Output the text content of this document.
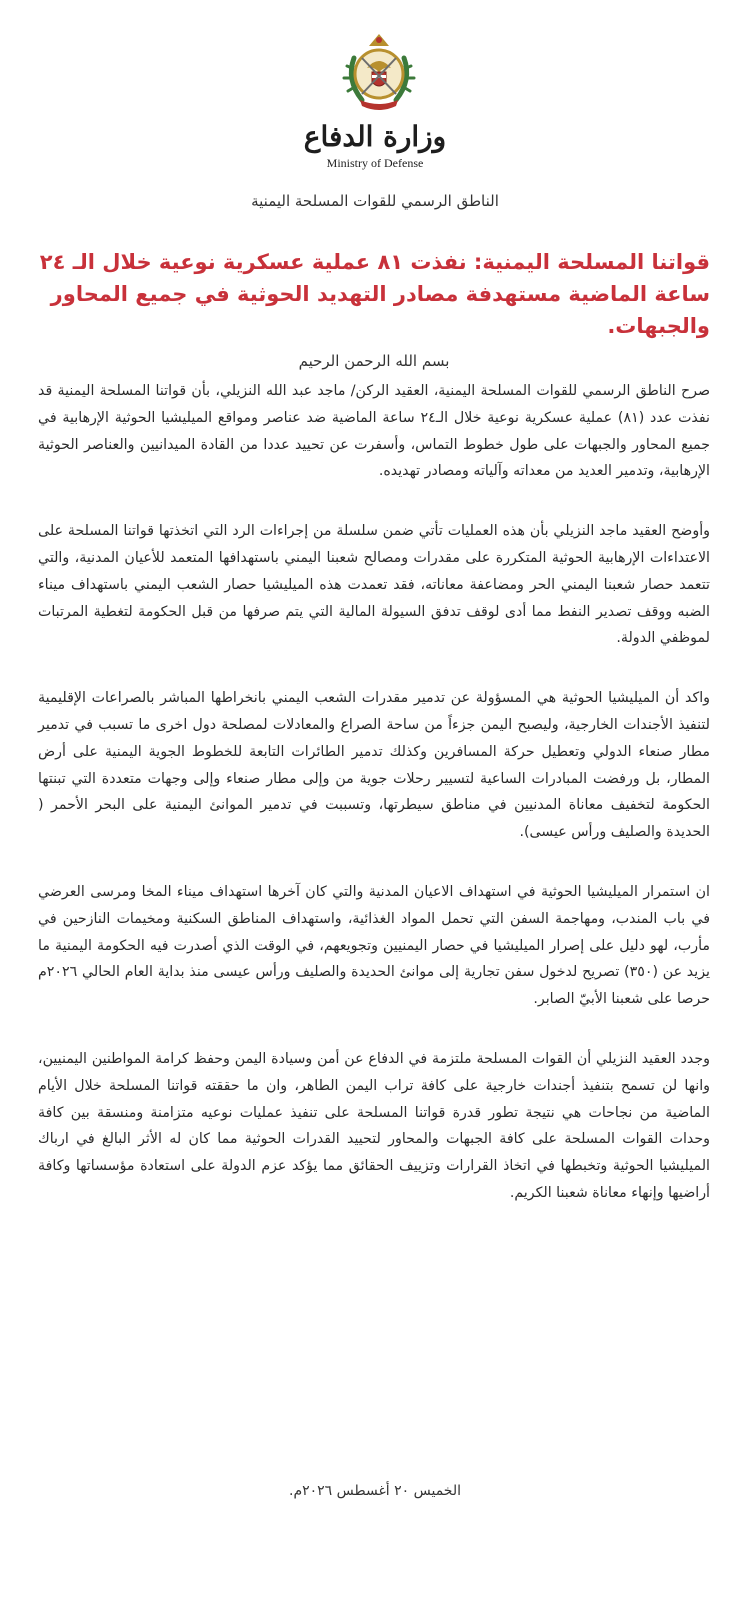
وزارة الدفاع
Ministry of Defense
الناطق الرسمي للقوات المسلحة اليمنية
قواتنا المسلحة اليمنية: نفذت ٨١ عملية عسكرية نوعية خلال الـ ٢٤ ساعة الماضية مستهدفة مصادر التهديد الحوثية في جميع المحاور والجبهات.
بسم الله الرحمن الرحيم

صرح الناطق الرسمي للقوات المسلحة اليمنية، العقيد الركن/ ماجد عبد الله النزيلي، بأن قواتنا المسلحة اليمنية قد نفذت عدد (٨١) عملية عسكرية نوعية خلال الـ٢٤ ساعة الماضية ضد عناصر ومواقع الميليشيا الحوثية الإرهابية في جميع المحاور والجبهات على طول خطوط التماس، وأسفرت عن تحييد عددا من القادة الميدانيين والعناصر الحوثية الإرهابية، وتدمير العديد من معداته وآلياته ومصادر تهديده.

وأوضح العقيد ماجد النزيلي بأن هذه العمليات تأتي ضمن سلسلة من إجراءات الرد التي اتخذتها قواتنا المسلحة على الاعتداءات الإرهابية الحوثية المتكررة على مقدرات ومصالح شعبنا اليمني باستهدافها المتعمد للأعيان المدنية، والتي تتعمد حصار شعبنا اليمني الحر ومضاعفة معاناته، فقد تعمدت هذه الميليشيا حصار الشعب اليمني باستهداف ميناء الضبه ووقف تصدير النفط مما أدى لوقف تدفق السيولة المالية التي يتم صرفها من قبل الحكومة لتغطية المرتبات لموظفي الدولة.

واكد أن الميليشيا الحوثية هي المسؤولة عن تدمير مقدرات الشعب اليمني بانخراطها المباشر بالصراعات الإقليمية لتنفيذ الأجندات الخارجية، وليصبح اليمن جزءاً من ساحة الصراع والمعادلات لمصلحة دول اخرى ما تسبب في تدمير مطار صنعاء الدولي وتعطيل حركة المسافرين وكذلك تدمير الطائرات التابعة للخطوط الجوية اليمنية على أرض المطار، بل ورفضت المبادرات الساعية لتسيير رحلات جوية من وإلى مطار صنعاء وإلى وجهات متعددة التي تبنتها الحكومة لتخفيف معاناة المدنيين في مناطق سيطرتها، وتسببت في تدمير الموانئ اليمنية على البحر الأحمر ( الحديدة والصليف ورأس عيسى).

ان استمرار الميليشيا الحوثية في استهداف الاعيان المدنية والتي كان آخرها استهداف ميناء المخا ومرسى العرضي في باب المندب، ومهاجمة السفن التي تحمل المواد الغذائية، واستهداف المناطق السكنية ومخيمات النازحين في مأرب، لهو دليل على إصرار الميليشيا في حصار اليمنيين وتجويعهم، في الوقت الذي أصدرت فيه الحكومة اليمنية ما يزيد عن (٣٥٠) تصريح لدخول سفن تجارية إلى موانئ الحديدة والصليف ورأس عيسى منذ بداية العام الحالي ٢٠٢٦م حرصا على شعبنا الأبيّ الصابر.

وجدد العقيد النزيلي أن القوات المسلحة ملتزمة في الدفاع عن أمن وسيادة اليمن وحفظ كرامة المواطنين اليمنيين، وانها لن تسمح بتنفيذ أجندات خارجية على كافة تراب اليمن الطاهر، وان ما حققته قواتنا المسلحة خلال الأيام الماضية من نجاحات هي نتيجة تطور قدرة قواتنا المسلحة على تنفيذ عمليات نوعيه متزامنة ومنسقة بين كافة وحدات القوات المسلحة على كافة الجبهات والمحاور لتحييد القدرات الحوثية مما كان له الأثر البالغ في ارباك الميليشيا الحوثية وتخبطها في اتخاذ القرارات وتزييف الحقائق مما يؤكد عزم الدولة على استعادة مؤسساتها وكافة أراضيها وإنهاء معاناة شعبنا الكريم.

الخميس ٢٠ أغسطس ٢٠٢٦م.
